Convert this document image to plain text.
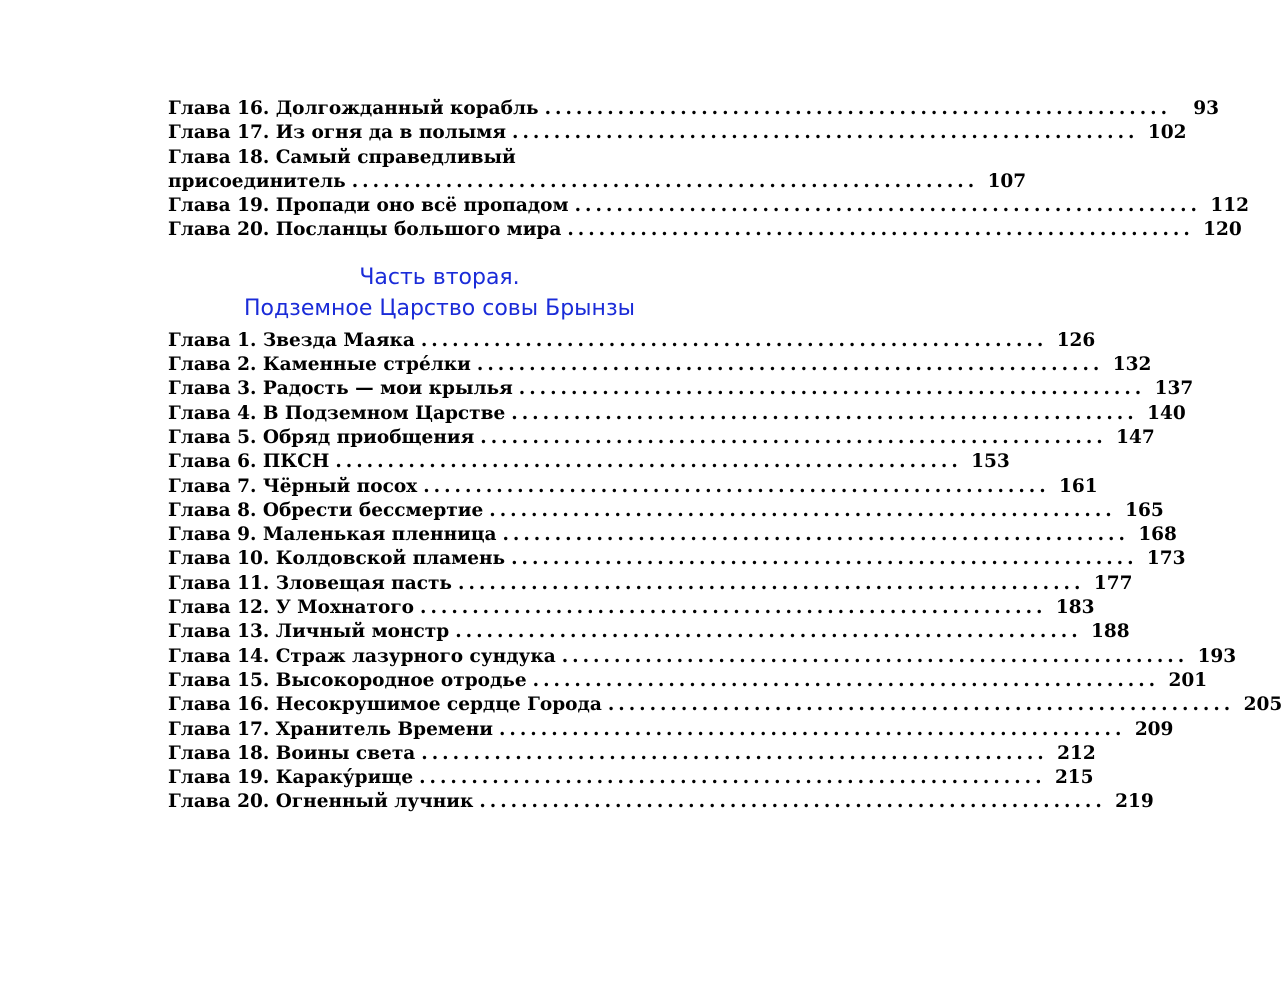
Глава 16. Долгожданный корабль ............................................................	93
Глава 17. Из огня да в полымя ............................................................ 102
Глава 18. Самый справедливый
присоединитель ............................................................ 107
Глава 19. Пропади оно всё пропадом ............................................................ 112
Глава 20. Посланцы большого мира ............................................................ 120
Часть вторая.
Подземное Царство совы Брынзы
Глава 1. Звезда Маяка ............................................................ 126
Глава 2. Каменные стре́лки ............................................................ 132
Глава 3. Радость — мои крылья ............................................................ 137
Глава 4. В Подземном Царстве ............................................................ 140
Глава 5. Обряд приобщения ............................................................ 147
Глава 6. ПКСН ............................................................ 153
Глава 7. Чёрный посох ............................................................ 161
Глава 8. Обрести бессмертие ............................................................ 165
Глава 9. Маленькая пленница ............................................................ 168
Глава 10. Колдовской пламень ............................................................ 173
Глава 11. Зловещая пасть ............................................................ 177
Глава 12. У Мохнатого ............................................................ 183
Глава 13. Личный монстр ............................................................ 188
Глава 14. Страж лазурного сундука ............................................................ 193
Глава 15. Высокородное отродье ............................................................ 201
Глава 16. Несокрушимое сердце Города ............................................................ 205
Глава 17. Хранитель Времени ............................................................ 209
Глава 18. Воины света ............................................................ 212
Глава 19. Караку́рище ............................................................ 215
Глава 20. Огненный лучник ............................................................ 219
